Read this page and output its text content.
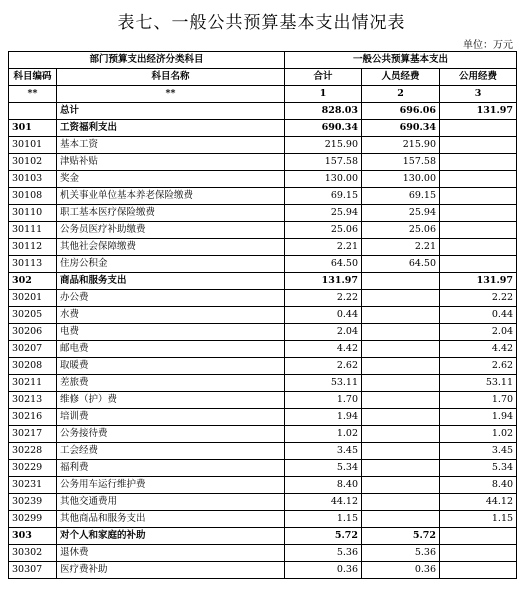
表七、一般公共预算基本支出情况表
单位：万元
部门预算支出经济分类科目		一般公共预算基本支出		
科目编码	科目名称	合计	人员经费	公用经费
**	**	1	2	3
	总计	828.03	696.06	131.97
301	工资福利支出	690.34	690.34	
30101	基本工资	215.90	215.90	
30102	津贴补贴	157.58	157.58	
30103	奖金	130.00	130.00	
30108	机关事业单位基本养老保险缴费	69.15	69.15	
30110	职工基本医疗保险缴费	25.94	25.94	
30111	公务员医疗补助缴费	25.06	25.06	
30112	其他社会保障缴费	2.21	2.21	
30113	住房公积金	64.50	64.50	
302	商品和服务支出	131.97		131.97
30201	办公费	2.22		2.22
30205	水费	0.44		0.44
30206	电费	2.04		2.04
30207	邮电费	4.42		4.42
30208	取暖费	2.62		2.62
30211	差旅费	53.11		53.11
30213	维修（护）费	1.70		1.70
30216	培训费	1.94		1.94
30217	公务接待费	1.02		1.02
30228	工会经费	3.45		3.45
30229	福利费	5.34		5.34
30231	公务用车运行维护费	8.40		8.40
30239	其他交通费用	44.12		44.12
30299	其他商品和服务支出	1.15		1.15
303	对个人和家庭的补助	5.72	5.72	
30302	退休费	5.36	5.36	
30307	医疗费补助	0.36	0.36	
